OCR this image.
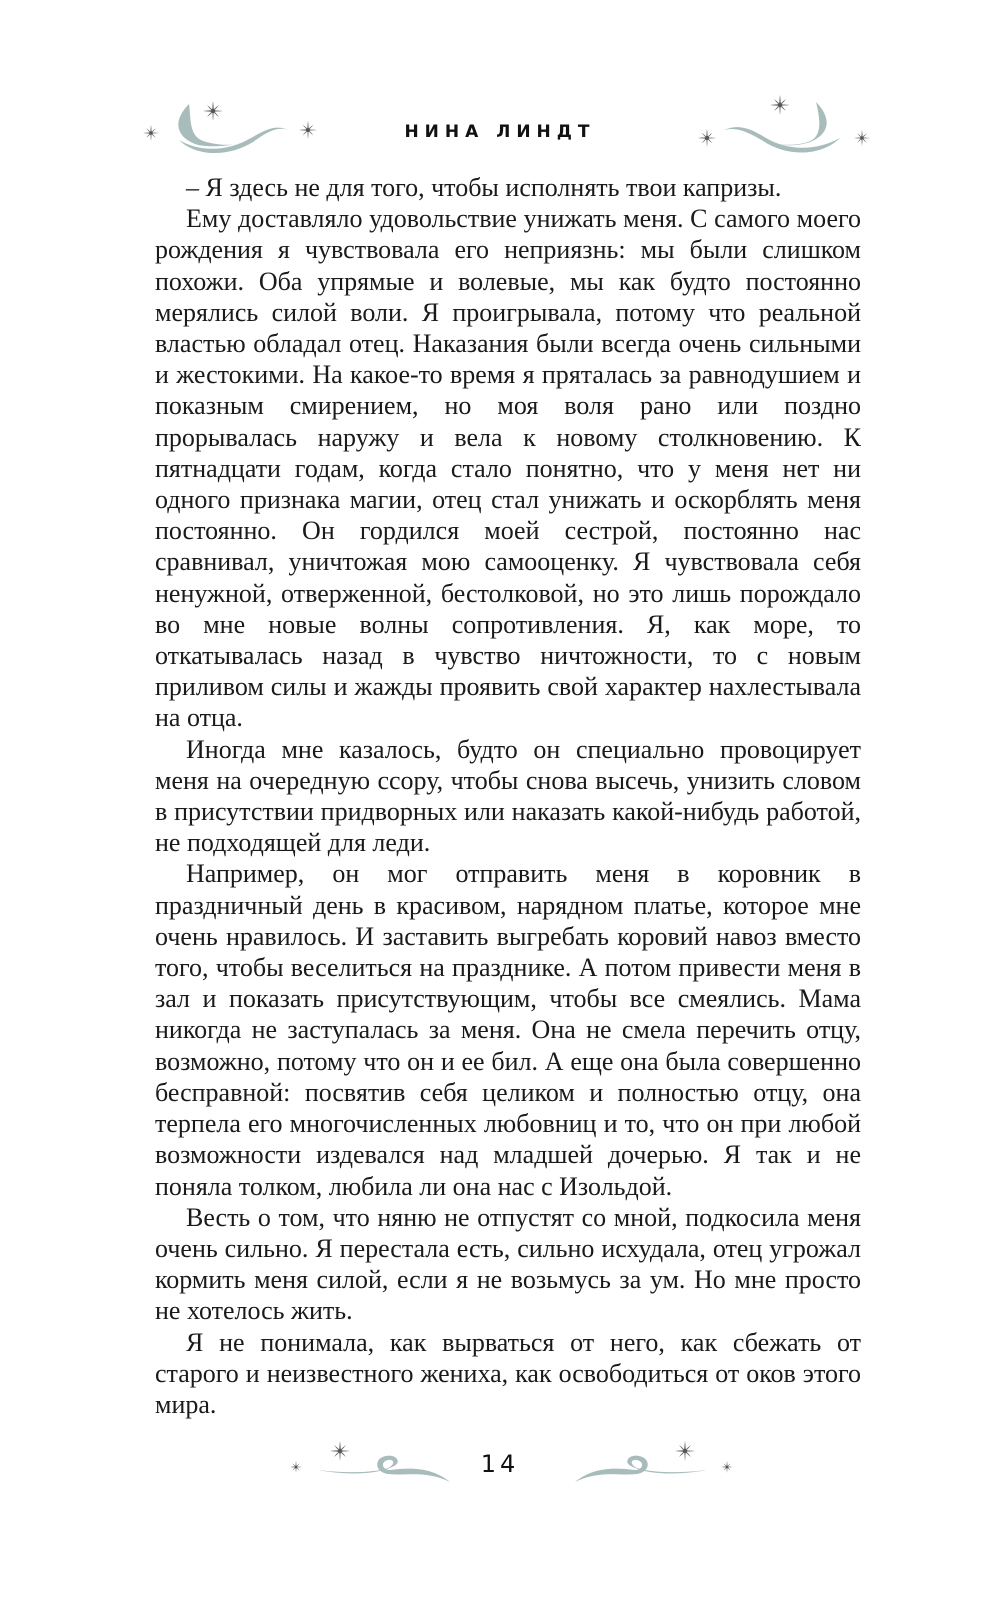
НИНА ЛИНДТ

– Я здесь не для того, чтобы исполнять твои капризы.

Ему доставляло удовольствие унижать меня. С самого моего рождения я чувствовала его неприязнь: мы были слишком похожи. Оба упрямые и волевые, мы как будто постоянно мерялись силой воли. Я проигрывала, потому что реальной властью обладал отец. Наказания были всегда очень сильными и жестокими. На какое-то время я пряталась за равнодушием и показным смирением, но моя воля рано или поздно прорывалась наружу и вела к новому столкновению. К пятнадцати годам, когда стало понятно, что у меня нет ни одного признака магии, отец стал унижать и оскорблять меня постоянно. Он гордился моей сестрой, постоянно нас сравнивал, уничтожая мою самооценку. Я чувствовала себя ненужной, отверженной, бестолковой, но это лишь порождало во мне новые волны сопротивления. Я, как море, то откатывалась назад в чувство ничтожности, то с новым приливом силы и жажды проявить свой характер нахлестывала на отца.

Иногда мне казалось, будто он специально провоцирует меня на очередную ссору, чтобы снова высечь, унизить словом в присутствии придворных или наказать какой-нибудь работой, не подходящей для леди.

Например, он мог отправить меня в коровник в праздничный день в красивом, нарядном платье, которое мне очень нравилось. И заставить выгребать коровий навоз вместо того, чтобы веселиться на празднике. А потом привести меня в зал и показать присутствующим, чтобы все смеялись. Мама никогда не заступалась за меня. Она не смела перечить отцу, возможно, потому что он и ее бил. А еще она была совершенно бесправной: посвятив себя целиком и полностью отцу, она терпела его многочисленных любовниц и то, что он при любой возможности издевался над младшей дочерью. Я так и не поняла толком, любила ли она нас с Изольдой.

Весть о том, что няню не отпустят со мной, подкосила меня очень сильно. Я перестала есть, сильно исхудала, отец угрожал кормить меня силой, если я не возьмусь за ум. Но мне просто не хотелось жить.

Я не понимала, как вырваться от него, как сбежать от старого и неизвестного жениха, как освободиться от оков этого мира.

14
